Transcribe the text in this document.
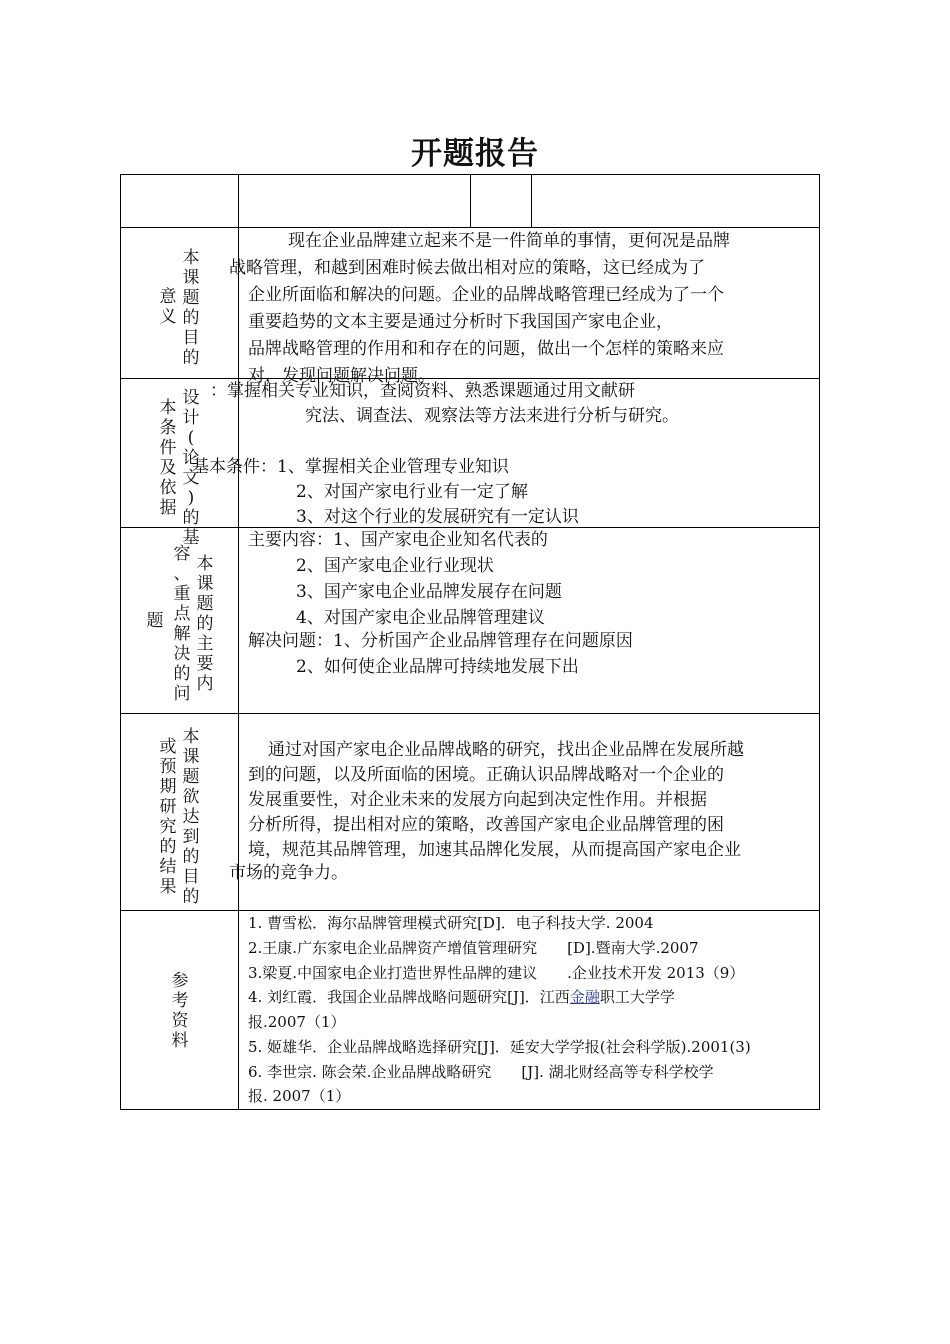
开题报告
本
课
题
的
目
的
意
义
现在企业品牌建立起来不是一件简单的事情，更何况是品牌
战略管理，和越到困难时候去做出相对应的策略，这已经成为了
企业所面临和解决的问题。企业的品牌战略管理已经成为了一个
重要趋势的文本主要是通过分析时下我国国产家电企业，
品牌战略管理的作用和和存在的问题，做出一个怎样的策略来应
对，发现问题解决问题。
设
计
(
论
文
)
的
基
本
条
件
及
依
据
：掌握相关专业知识，查阅资料、熟悉课题通过用文献研
究法、调查法、观察法等方法来进行分析与研究。
基本条件：1、掌握相关企业管理专业知识
2、对国产家电行业有一定了解
3、对这个行业的发展研究有一定认识
本
课
题
的
主
要
内
容
、
重
点
解
决
的
问
题
主要内容：1、国产家电企业知名代表的
2、国产家电企业行业现状
3、国产家电企业品牌发展存在问题
4、对国产家电企业品牌管理建议
解决问题：1、分析国产企业品牌管理存在问题原因
2、如何使企业品牌可持续地发展下出
本
课
题
欲
达
到
的
目
的
或
预
期
研
究
的
结
果
通过对国产家电企业品牌战略的研究，找出企业品牌在发展所越
到的问题，以及所面临的困境。正确认识品牌战略对一个企业的
发展重要性，对企业未来的发展方向起到决定性作用。并根据
分析所得，提出相对应的策略，改善国产家电企业品牌管理的困
境，规范其品牌管理，加速其品牌化发展，从而提高国产家电企业
市场的竞争力。
参
考
资
料
1. 曹雪松．海尔品牌管理模式研究[D]．电子科技大学. 2004
2.王康.广东家电企业品牌资产增值管理研究　　[D].暨南大学.2007
3.梁夏.中国家电企业打造世界性品牌的建议　　.企业技术开发 2013（9）
4. 刘红霞．我国企业品牌战略问题研究[J]．江西金融职工大学学
报.2007（1）
5. 姬雄华．企业品牌战略选择研究[J]．延安大学学报(社会科学版).2001(3)
6. 李世宗. 陈会荣.企业品牌战略研究　　[J]. 湖北财经高等专科学校学
报. 2007（1）
